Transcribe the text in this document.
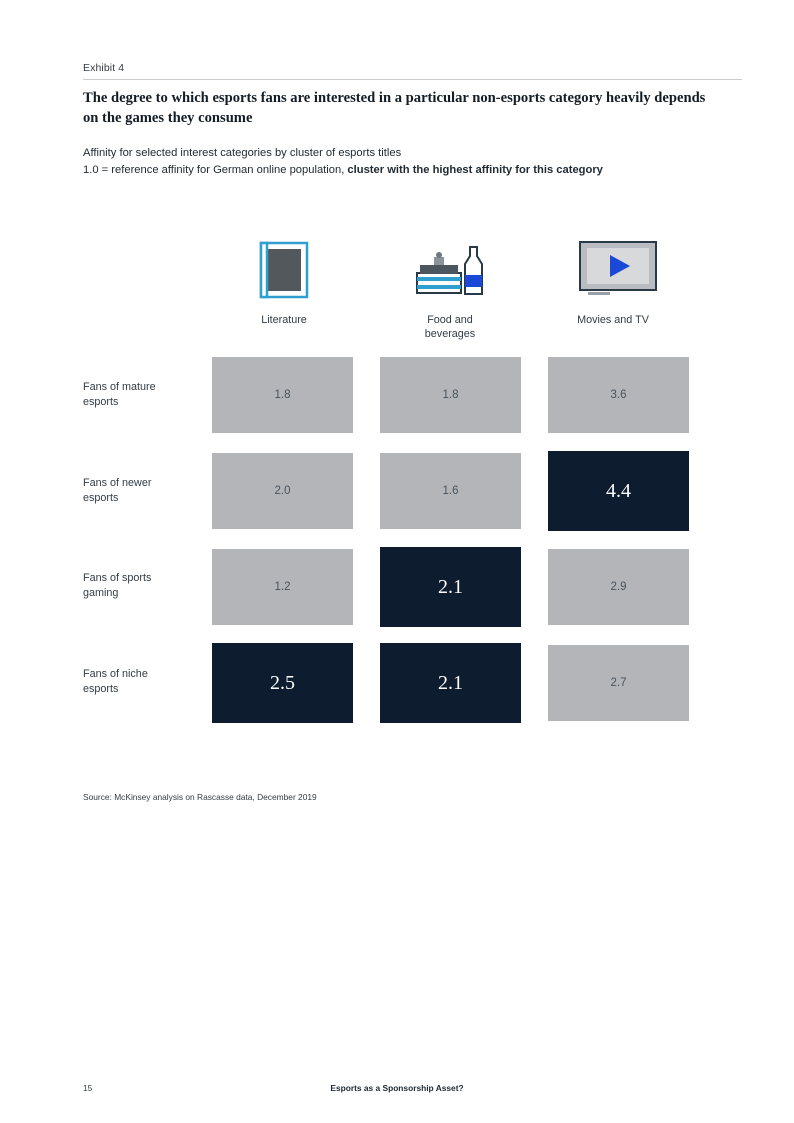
Exhibit 4
The degree to which esports fans are interested in a particular non-esports category heavily depends on the games they consume
Affinity for selected interest categories by cluster of esports titles
1.0 = reference affinity for German online population, cluster with the highest affinity for this category
Literature	Food and
beverages
Movies and TV
Fans of mature
esports
1.8	1.8	3.6
Fans of newer
esports
2.0	1.6	4.4
Fans of sports
gaming	1.2	2.1	2.9
Fans of niche
esports	2.5	2.1	2.7
Source: McKinsey analysis on Rascasse data, December 2019
15	Esports as a Sponsorship Asset?
